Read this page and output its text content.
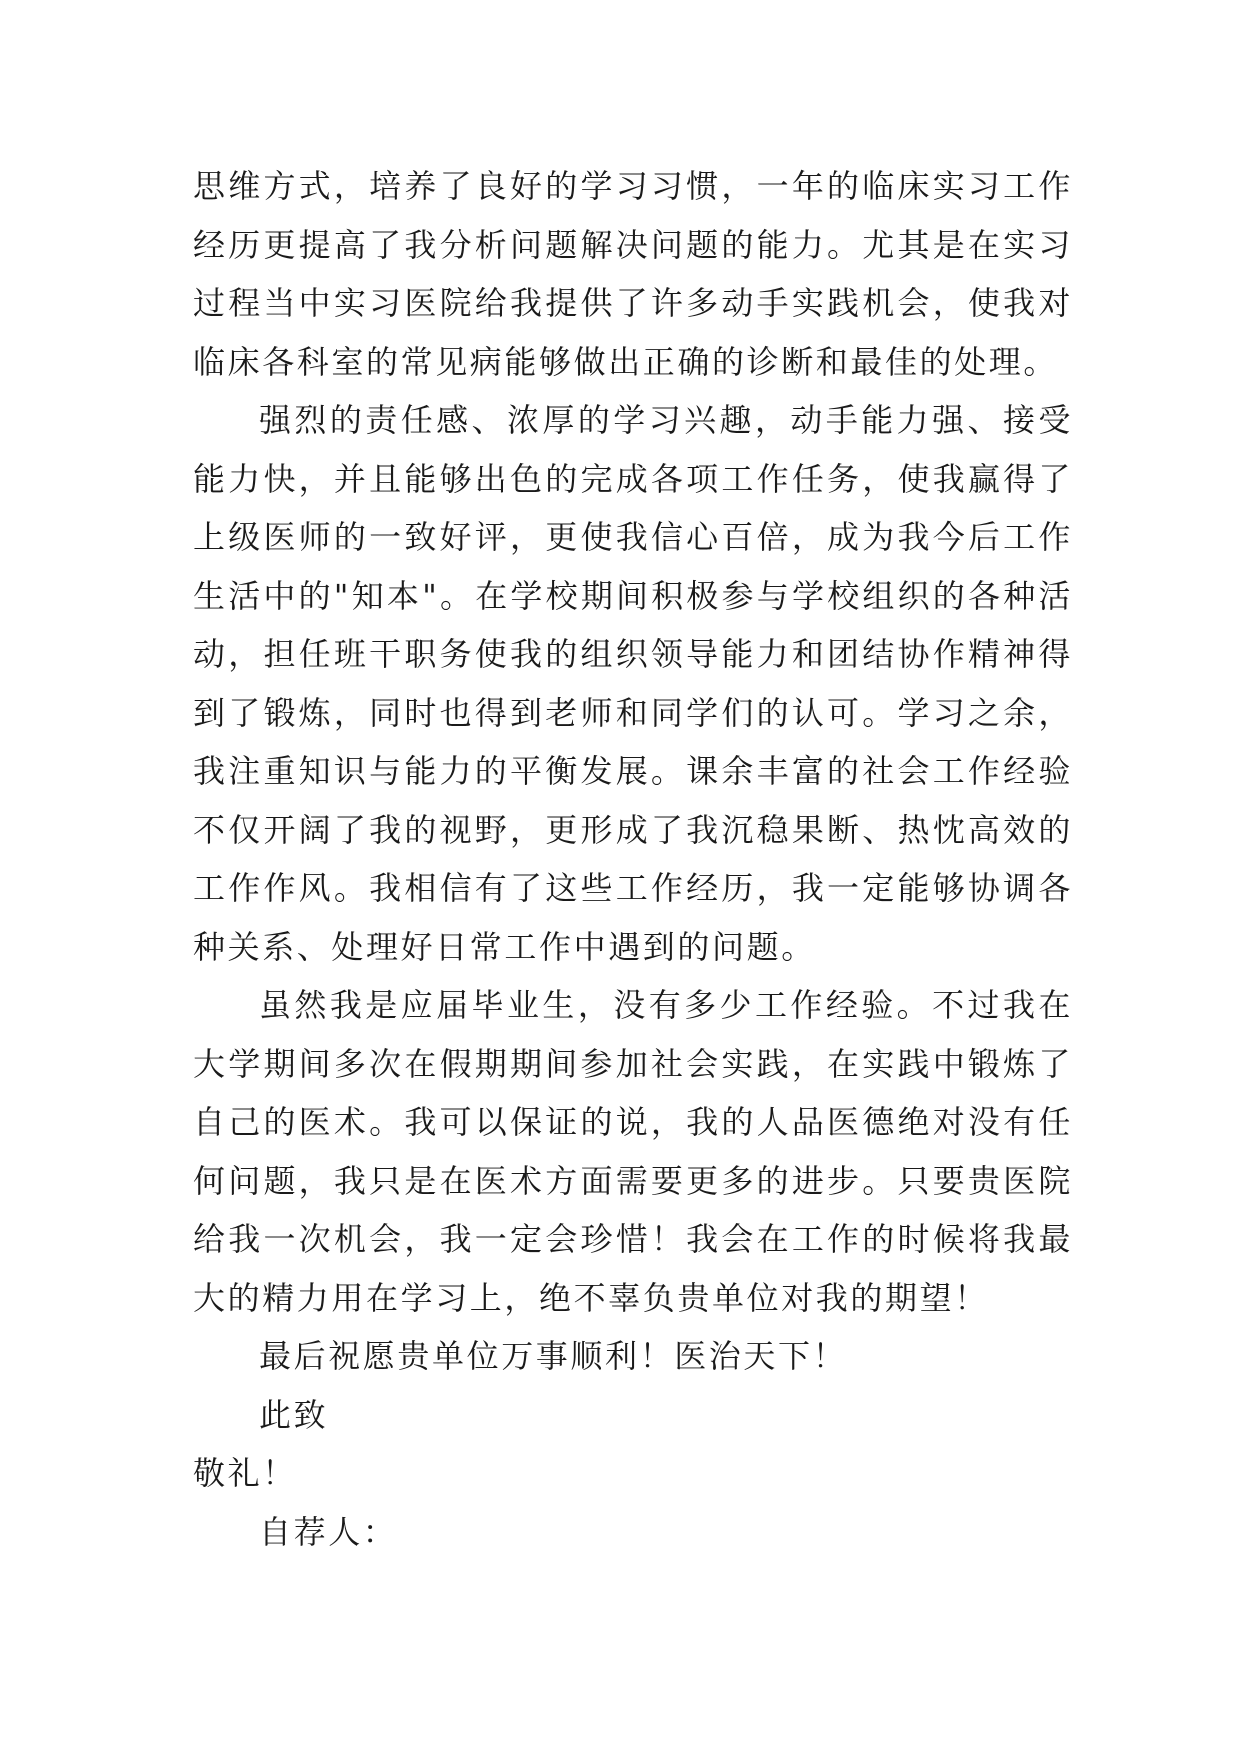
思维方式，培养了良好的学习习惯，一年的临床实习工作经历更提高了我分析问题解决问题的能力。尤其是在实习过程当中实习医院给我提供了许多动手实践机会，使我对临床各科室的常见病能够做出正确的诊断和最佳的处理。

强烈的责任感、浓厚的学习兴趣，动手能力强、接受能力快，并且能够出色的完成各项工作任务，使我赢得了上级医师的一致好评，更使我信心百倍，成为我今后工作生活中的"知本"。在学校期间积极参与学校组织的各种活动，担任班干职务使我的组织领导能力和团结协作精神得到了锻炼，同时也得到老师和同学们的认可。学习之余，我注重知识与能力的平衡发展。课余丰富的社会工作经验不仅开阔了我的视野，更形成了我沉稳果断、热忱高效的工作作风。我相信有了这些工作经历，我一定能够协调各种关系、处理好日常工作中遇到的问题。

虽然我是应届毕业生，没有多少工作经验。不过我在大学期间多次在假期期间参加社会实践，在实践中锻炼了自己的医术。我可以保证的说，我的人品医德绝对没有任何问题，我只是在医术方面需要更多的进步。只要贵医院给我一次机会，我一定会珍惜！我会在工作的时候将我最大的精力用在学习上，绝不辜负贵单位对我的期望！

最后祝愿贵单位万事顺利！医治天下！

此致

敬礼！

自荐人：
